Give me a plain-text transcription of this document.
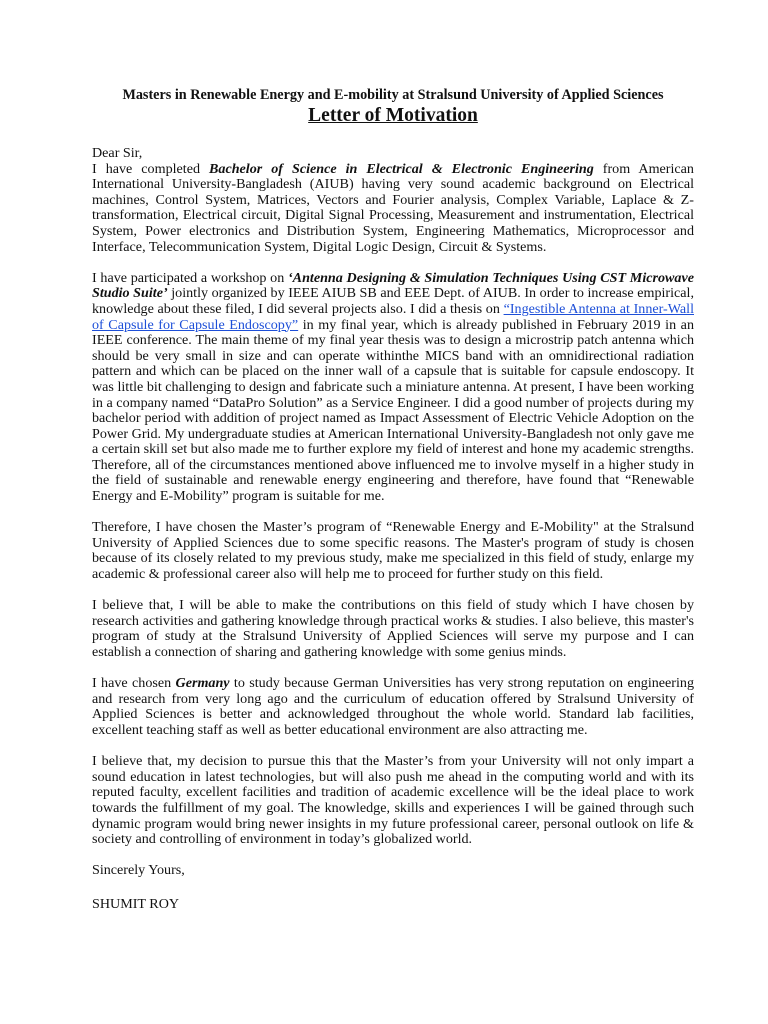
Masters in Renewable Energy and E-mobility at Stralsund University of Applied Sciences

Letter of Motivation

Dear Sir,

I have completed Bachelor of Science in Electrical & Electronic Engineering from American International University-Bangladesh (AIUB) having very sound academic background on Electrical machines, Control System, Matrices, Vectors and Fourier analysis, Complex Variable, Laplace & Z-transformation, Electrical circuit, Digital Signal Processing, Measurement and instrumentation, Electrical System, Power electronics and Distribution System, Engineering Mathematics, Microprocessor and Interface, Telecommunication System, Digital Logic Design, Circuit & Systems.

I have participated a workshop on ‘Antenna Designing & Simulation Techniques Using CST Microwave Studio Suite’ jointly organized by IEEE AIUB SB and EEE Dept. of AIUB. In order to increase empirical, knowledge about these filed, I did several projects also. I did a thesis on “Ingestible Antenna at Inner-Wall of Capsule for Capsule Endoscopy” in my final year, which is already published in February 2019 in an IEEE conference. The main theme of my final year thesis was to design a microstrip patch antenna which should be very small in size and can operate withinthe MICS band with an omnidirectional radiation pattern and which can be placed on the inner wall of a capsule that is suitable for capsule endoscopy. It was little bit challenging to design and fabricate such a miniature antenna. At present, I have been working in a company named “DataPro Solution” as a Service Engineer. I did a good number of projects during my bachelor period with addition of project named as Impact Assessment of Electric Vehicle Adoption on the Power Grid. My undergraduate studies at American International University-Bangladesh not only gave me a certain skill set but also made me to further explore my field of interest and hone my academic strengths. Therefore, all of the circumstances mentioned above influenced me to involve myself in a higher study in the field of sustainable and renewable energy engineering and therefore, have found that “Renewable Energy and E-Mobility” program is suitable for me.

Therefore, I have chosen the Master’s program of “Renewable Energy and E-Mobility" at the Stralsund University of Applied Sciences due to some specific reasons. The Master's program of study is chosen because of its closely related to my previous study, make me specialized in this field of study, enlarge my academic & professional career also will help me to proceed for further study on this field.

I believe that, I will be able to make the contributions on this field of study which I have chosen by research activities and gathering knowledge through practical works & studies. I also believe, this master's program of study at the Stralsund University of Applied Sciences will serve my purpose and I can establish a connection of sharing and gathering knowledge with some genius minds.

I have chosen Germany to study because German Universities has very strong reputation on engineering and research from very long ago and the curriculum of education offered by Stralsund University of Applied Sciences is better and acknowledged throughout the whole world. Standard lab facilities, excellent teaching staff as well as better educational environment are also attracting me.

I believe that, my decision to pursue this that the Master’s from your University will not only impart a sound education in latest technologies, but will also push me ahead in the computing world and with its reputed faculty, excellent facilities and tradition of academic excellence will be the ideal place to work towards the fulfillment of my goal. The knowledge, skills and experiences I will be gained through such dynamic program would bring newer insights in my future professional career, personal outlook on life & society and controlling of environment in today’s globalized world.

Sincerely Yours,

SHUMIT ROY
